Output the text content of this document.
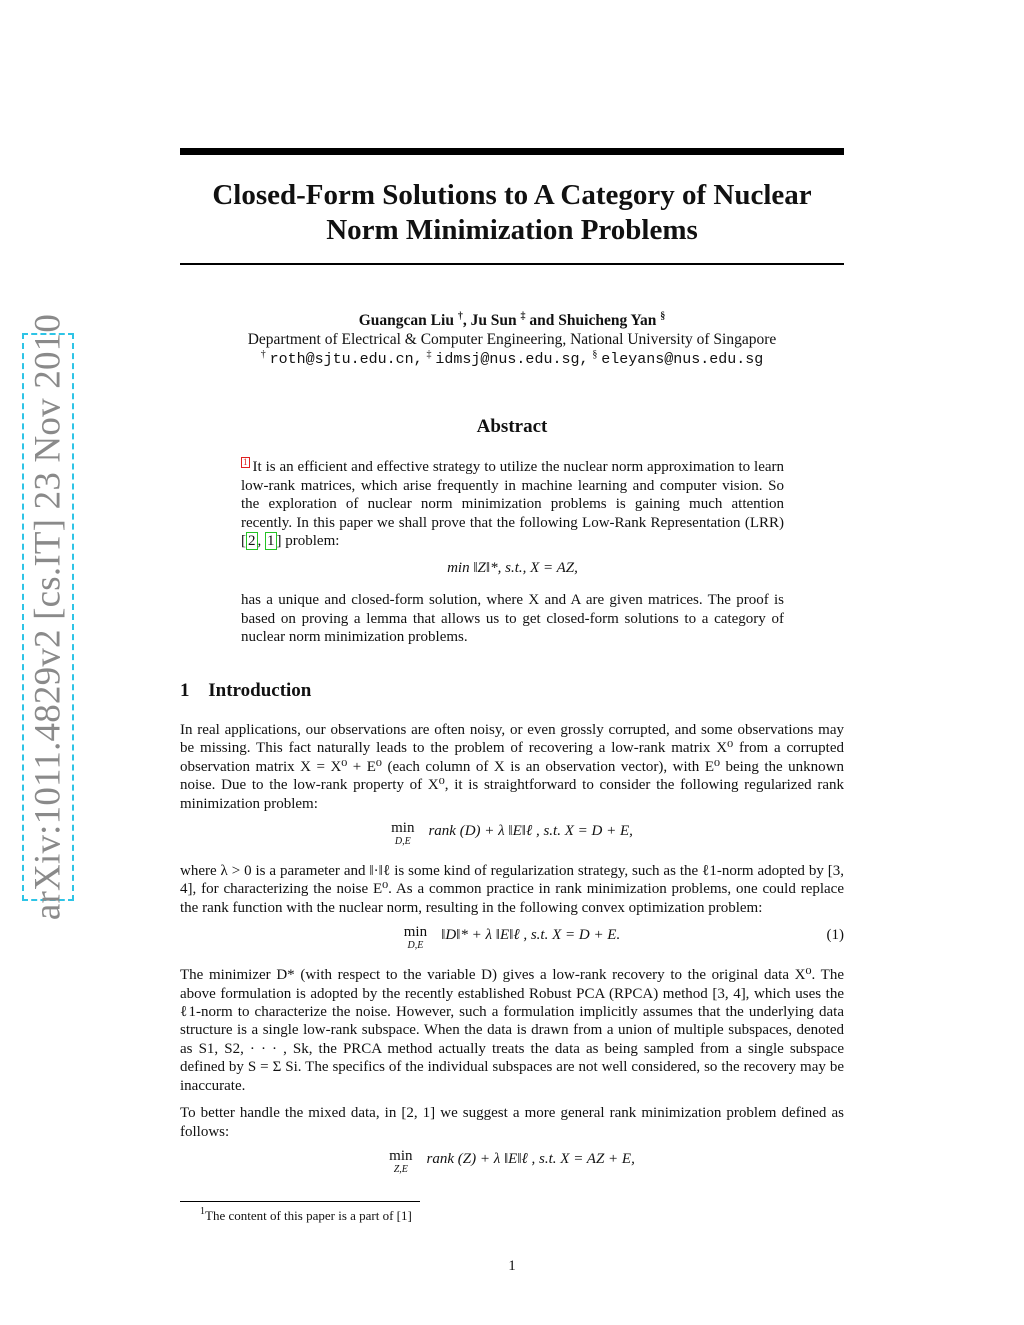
arXiv:1011.4829v2 [cs.IT] 23 Nov 2010
Closed-Form Solutions to A Category of Nuclear
Norm Minimization Problems
Guangcan Liu †, Ju Sun ‡ and Shuicheng Yan §
Department of Electrical & Computer Engineering, National University of Singapore
† roth@sjtu.edu.cn, ‡ idmsj@nus.edu.sg, § eleyans@nus.edu.sg
Abstract

1 It is an efficient and effective strategy to utilize the nuclear norm approximation to learn low-rank matrices, which arise frequently in machine learning and computer vision. So the exploration of nuclear norm minimization problems is gaining much attention recently. In this paper we shall prove that the following Low-Rank Representation (LRR) [ 2 , 1 ] problem:

min ‖Z‖*, s.t., X = AZ,

has a unique and closed-form solution, where X and A are given matrices. The proof is based on proving a lemma that allows us to get closed-form solutions to a category of nuclear norm minimization problems.

1 Introduction

In real applications, our observations are often noisy, or even grossly corrupted, and some observations may be missing. This fact naturally leads to the problem of recovering a low-rank matrix X⁰ from a corrupted observation matrix X = X⁰ + E⁰ (each column of X is an observation vector), with E⁰ being the unknown noise. Due to the low-rank property of X⁰, it is straightforward to consider the following regularized rank minimization problem:

min
D,E
rank (D) + λ ‖E‖ℓ , s.t. X = D + E,

where λ > 0 is a parameter and ‖·‖ℓ is some kind of regularization strategy, such as the ℓ1-norm adopted by [3, 4], for characterizing the noise E⁰. As a common practice in rank minimization problems, one could replace the rank function with the nuclear norm, resulting in the following convex optimization problem:

min
D,E
‖D‖* + λ ‖E‖ℓ , s.t. X = D + E.	(1)

The minimizer D* (with respect to the variable D) gives a low-rank recovery to the original data X⁰. The above formulation is adopted by the recently established Robust PCA (RPCA) method [3, 4], which uses the ℓ1-norm to characterize the noise. However, such a formulation implicitly assumes that the underlying data structure is a single low-rank subspace. When the data is drawn from a union of multiple subspaces, denoted as S1, S2, · · · , Sk, the PRCA method actually treats the data as being sampled from a single subspace defined by S = Σ Si. The specifics of the individual subspaces are not well considered, so the recovery may be inaccurate.

To better handle the mixed data, in [2, 1] we suggest a more general rank minimization problem defined as follows:

min
Z,E
rank (Z) + λ ‖E‖ℓ , s.t. X = AZ + E,
$^1$The content of this paper is a part of [1]
1
